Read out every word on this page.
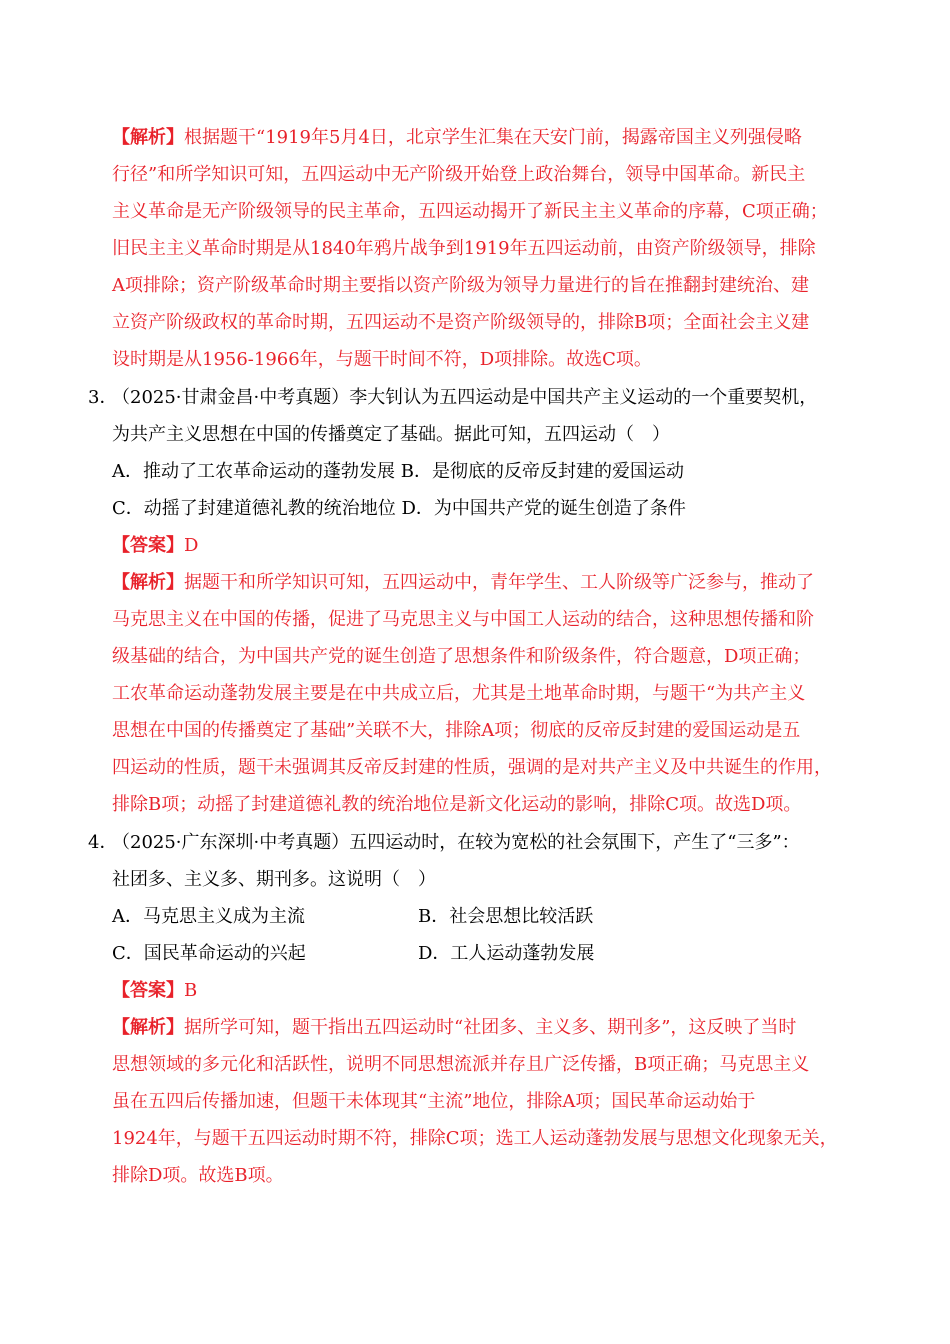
【解析】根据题干“1919年5月4日，北京学生汇集在天安门前，揭露帝国主义列强侵略
行径”和所学知识可知，五四运动中无产阶级开始登上政治舞台，领导中国革命。新民主
主义革命是无产阶级领导的民主革命，五四运动揭开了新民主主义革命的序幕，C项正确；
旧民主主义革命时期是从1840年鸦片战争到1919年五四运动前，由资产阶级领导，排除
A项排除；资产阶级革命时期主要指以资产阶级为领导力量进行的旨在推翻封建统治、建
立资产阶级政权的革命时期，五四运动不是资产阶级领导的，排除B项；全面社会主义建
设时期是从1956-1966年，与题干时间不符，D项排除。故选C项。
3．
（2025·甘肃金昌·中考真题）李大钊认为五四运动是中国共产主义运动的一个重要契机，
为共产主义思想在中国的传播奠定了基础。据此可知，五四运动（　）
A．推动了工农革命运动的蓬勃发展 B．是彻底的反帝反封建的爱国运动
C．动摇了封建道德礼教的统治地位 D．为中国共产党的诞生创造了条件
【答案】D
【解析】据题干和所学知识可知，五四运动中，青年学生、工人阶级等广泛参与，推动了
马克思主义在中国的传播，促进了马克思主义与中国工人运动的结合，这种思想传播和阶
级基础的结合，为中国共产党的诞生创造了思想条件和阶级条件，符合题意，D项正确；
工农革命运动蓬勃发展主要是在中共成立后，尤其是土地革命时期，与题干“为共产主义
思想在中国的传播奠定了基础”关联不大，排除A项；彻底的反帝反封建的爱国运动是五
四运动的性质，题干未强调其反帝反封建的性质，强调的是对共产主义及中共诞生的作用，
排除B项；动摇了封建道德礼教的统治地位是新文化运动的影响，排除C项。故选D项。
4．
（2025·广东深圳·中考真题）五四运动时，在较为宽松的社会氛围下，产生了“三多”：
社团多、主义多、期刊多。这说明（　）
A．马克思主义成为主流	B．社会思想比较活跃
C．国民革命运动的兴起	D．工人运动蓬勃发展
【答案】B
【解析】据所学可知，题干指出五四运动时“社团多、主义多、期刊多”，这反映了当时
思想领域的多元化和活跃性，说明不同思想流派并存且广泛传播，B项正确；马克思主义
虽在五四后传播加速，但题干未体现其“主流”地位，排除A项；国民革命运动始于
1924年，与题干五四运动时期不符，排除C项；选工人运动蓬勃发展与思想文化现象无关，
排除D项。故选B项。
